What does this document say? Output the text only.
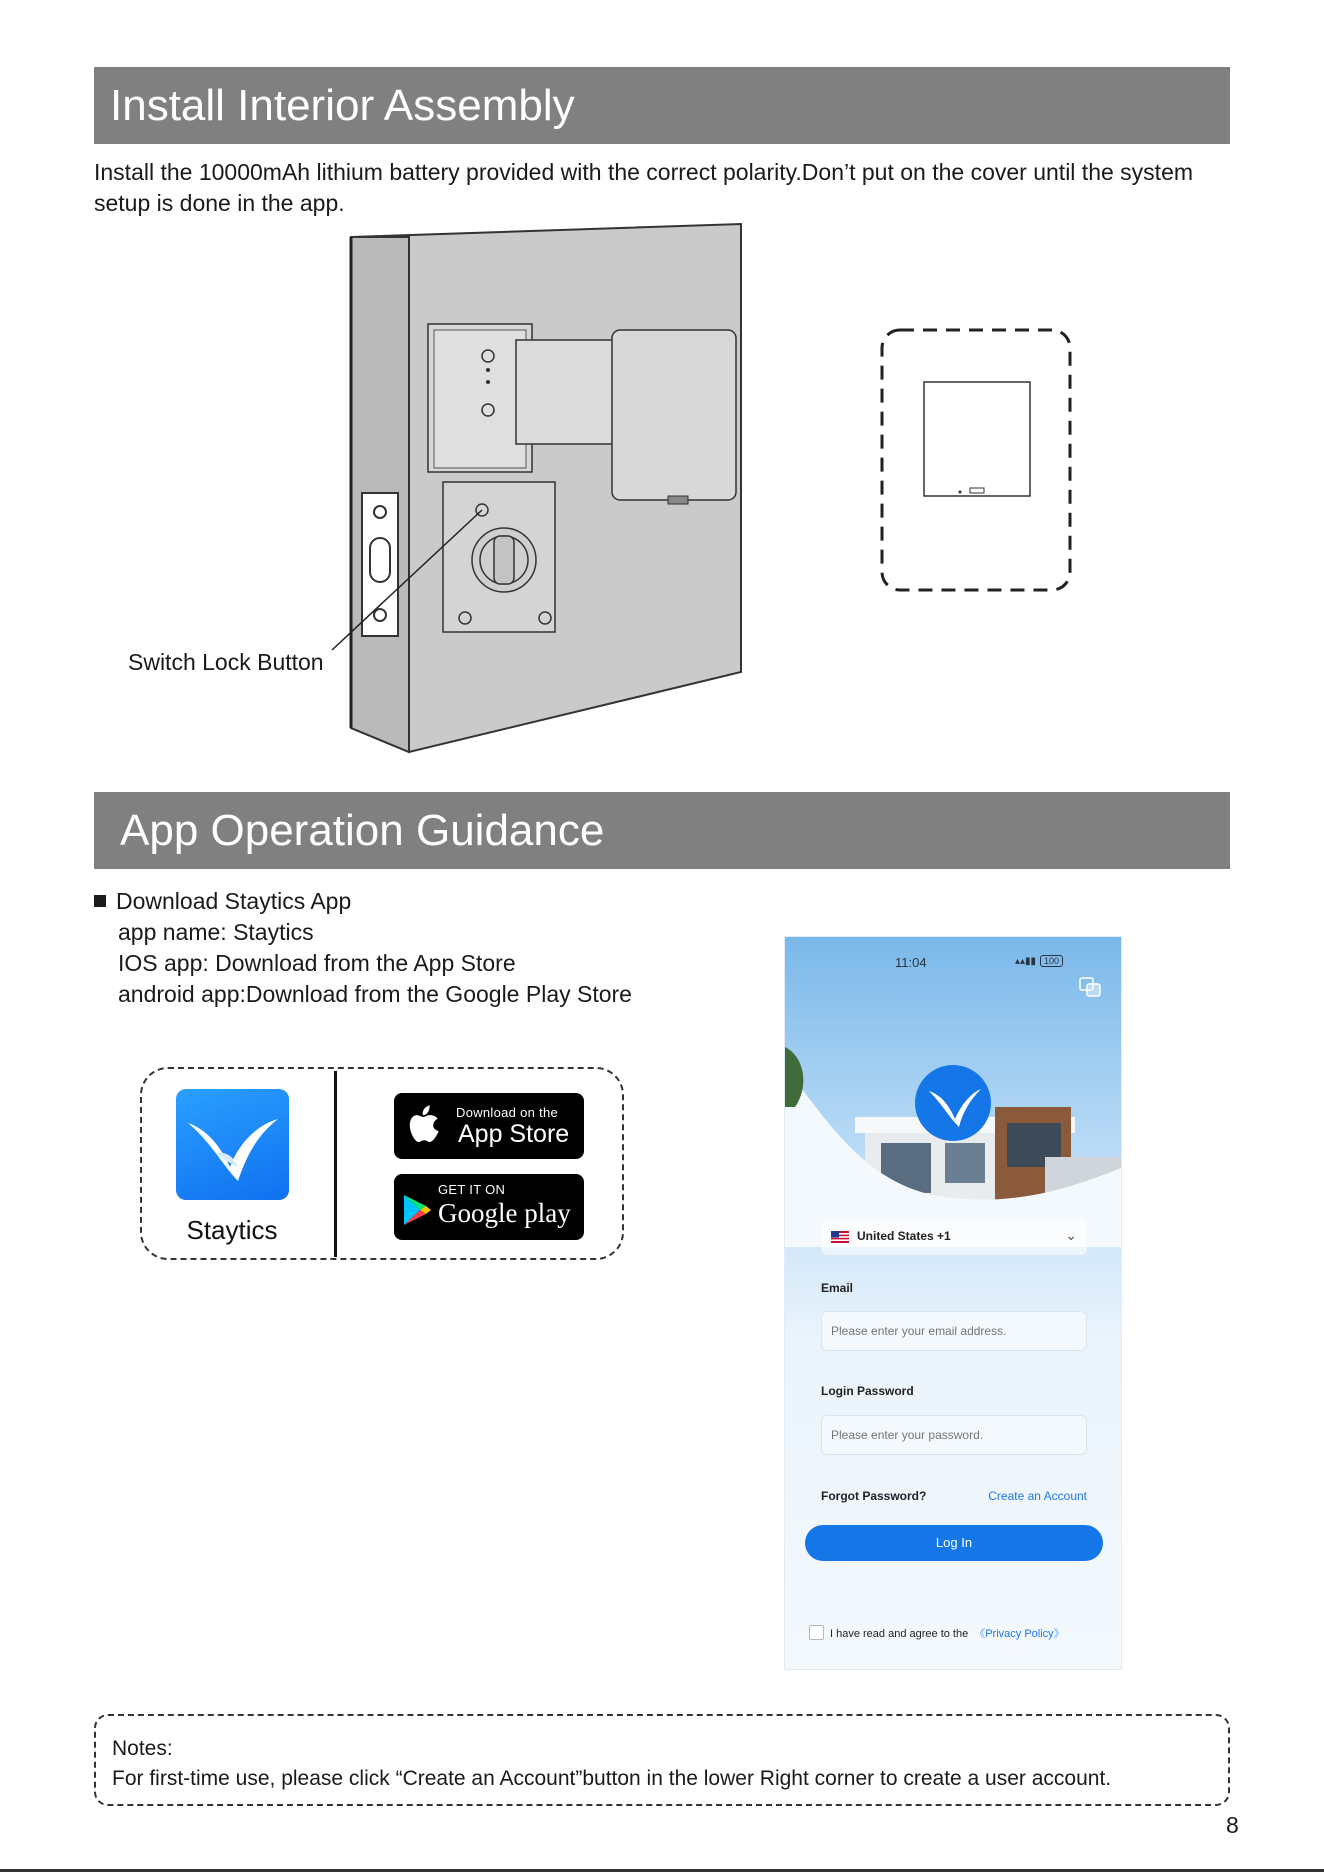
Install Interior Assembly

Install the 10000mAh lithium battery provided with the correct polarity.Don’t put on the cover until the system setup is done in the app.

Switch Lock Button
App Operation Guidance
Download Staytics App
app name: Staytics
IOS app: Download from the App Store
android app:Download from the Google Play Store
Staytics
Download on the
App Store
GET IT ON
Google play
11:04	▴▴▮▮ 100
United States +1	⌄
Email
Please enter your email address.
Login Password
Please enter your password.
Forgot Password?	Create an Account
Log In
I have read and agree to the 《Privacy Policy》
Notes:
For first-time use, please click “Create an Account”button in the lower Right corner to create a user account.
8
